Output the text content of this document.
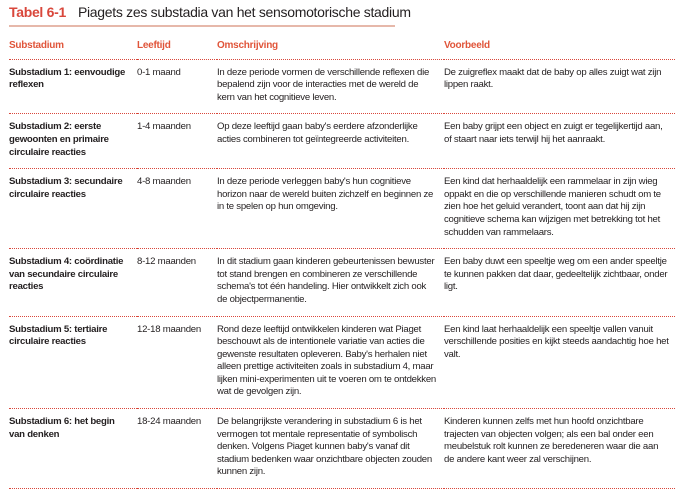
Tabel 6-1 Piagets zes substadia van het sensomotorische stadium
Substadium	Leeftijd	Omschrijving	Voorbeeld
Substadium 1: eenvoudige reflexen	0-1 maand	In deze periode vormen de verschillende reflexen die bepalend zijn voor de interacties met de wereld de kern van het cognitieve leven.	De zuigreflex maakt dat de baby op alles zuigt wat zijn lippen raakt.
Substadium 2: eerste gewoonten en primaire circulaire reacties	1-4 maanden	Op deze leeftijd gaan baby's eerdere afzonderlijke acties combineren tot geïntegreerde activiteiten.	Een baby grijpt een object en zuigt er tegelijkertijd aan, of staart naar iets terwijl hij het aanraakt.
Substadium 3: secundaire circulaire reacties	4-8 maanden	In deze periode verleggen baby's hun cognitieve horizon naar de wereld buiten zichzelf en beginnen ze in te spelen op hun omgeving.	Een kind dat herhaaldelijk een rammelaar in zijn wieg oppakt en die op verschillende manieren schudt om te zien hoe het geluid verandert, toont aan dat hij zijn cognitieve schema kan wijzigen met betrekking tot het schudden van rammelaars.
Substadium 4: coördinatie van secundaire circulaire reacties	8-12 maanden	In dit stadium gaan kinderen gebeurtenissen bewuster tot stand brengen en combineren ze verschillende schema's tot één handeling. Hier ontwikkelt zich ook de objectpermanentie.	Een baby duwt een speeltje weg om een ander speeltje te kunnen pakken dat daar, gedeeltelijk zichtbaar, onder ligt.
Substadium 5: tertiaire circulaire reacties	12-18 maanden	Rond deze leeftijd ontwikkelen kinderen wat Piaget beschouwt als de intentionele variatie van acties die gewenste resultaten opleveren. Baby's herhalen niet alleen prettige activiteiten zoals in substadium 4, maar lijken mini-experimenten uit te voeren om te ontdekken wat de gevolgen zijn.	Een kind laat herhaaldelijk een speeltje vallen vanuit verschillende posities en kijkt steeds aandachtig hoe het valt.
Substadium 6: het begin van denken	18-24 maanden	De belangrijkste verandering in substadium 6 is het vermogen tot mentale representatie of symbolisch denken. Volgens Piaget kunnen baby's vanaf dit stadium bedenken waar onzichtbare objecten zouden kunnen zijn.	Kinderen kunnen zelfs met hun hoofd onzichtbare trajecten van objecten volgen; als een bal onder een meubelstuk rolt kunnen ze beredeneren waar die aan de andere kant weer zal verschijnen.
